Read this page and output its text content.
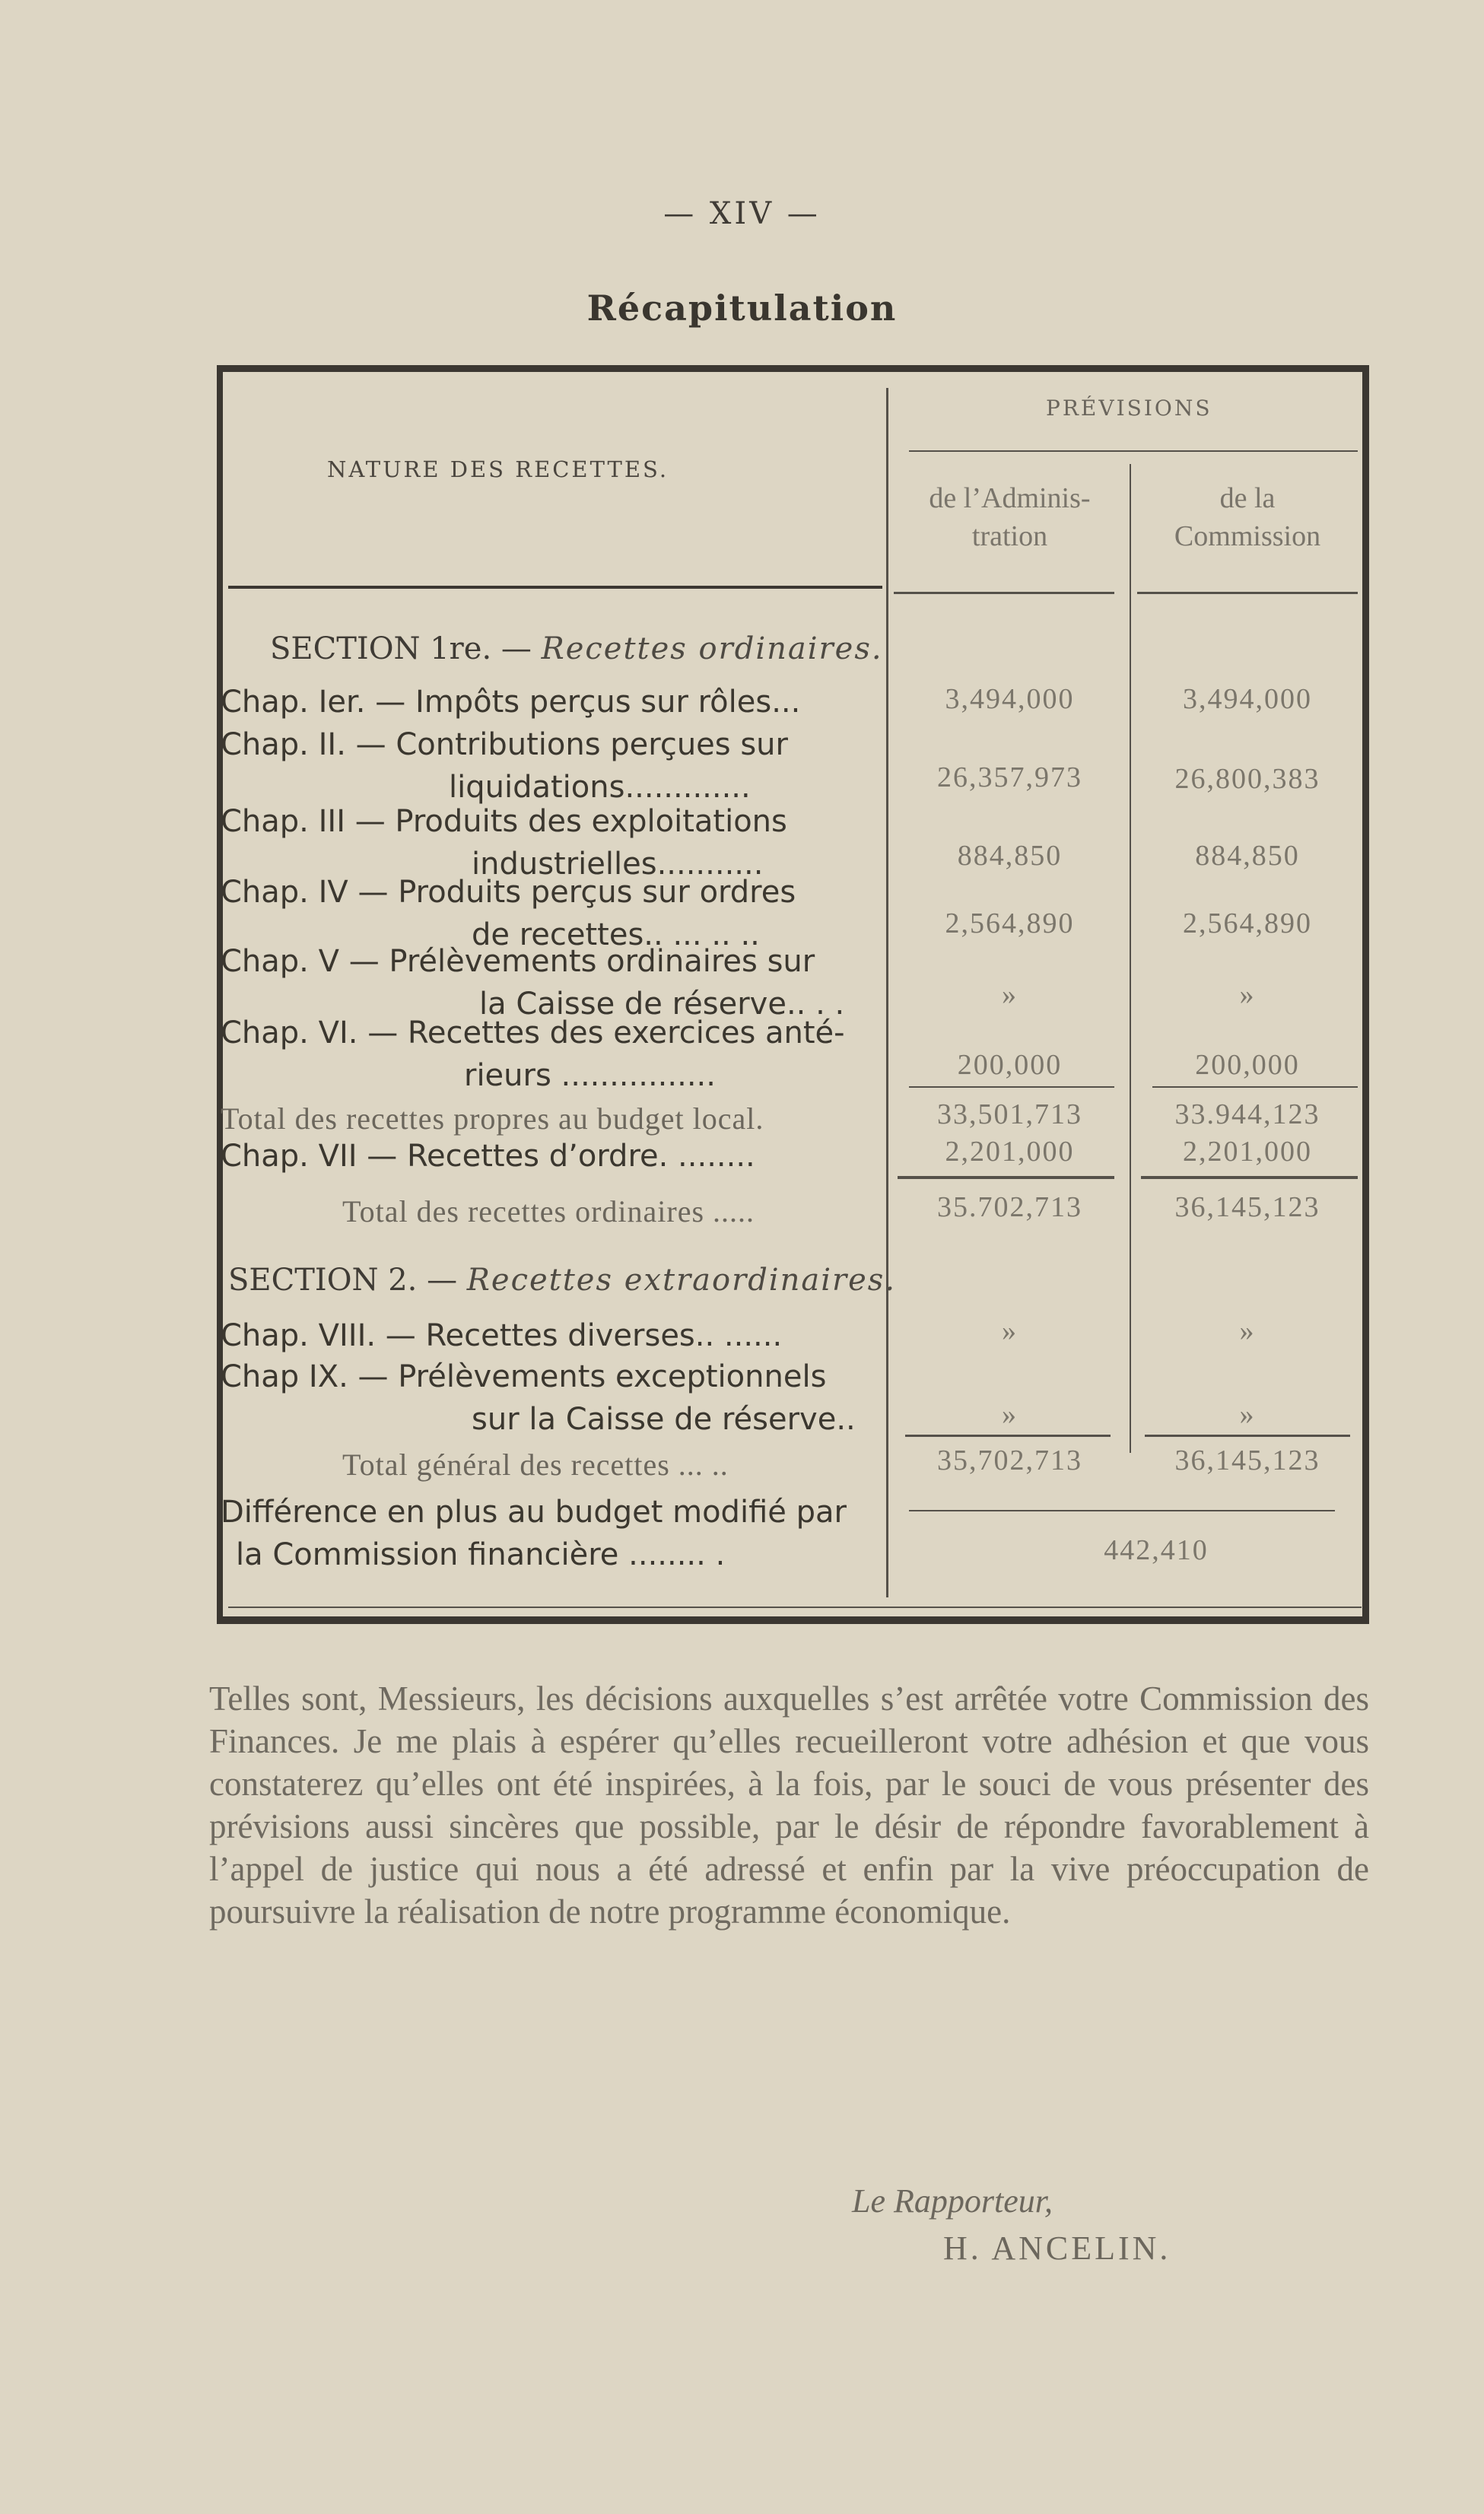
— XIV —
Récapitulation
NATURE DES RECETTES.
PRÉVISIONS
de l’Adminis-
tration
de la
Commission
SECTION 1re. — Recettes ordinaires.
Chap. Ier. — Impôts perçus sur rôles...	3,494,000	3,494,000
Chap. II. — Contributions perçues sur
liquidations.............	26,357,973	26,800,383
Chap. III — Produits des exploitations
industrielles...........	884,850	884,850
Chap. IV — Produits perçus sur ordres
de recettes.. ... .. ..	2,564,890	2,564,890
Chap. V — Prélèvements ordinaires sur
la Caisse de réserve.. . .	»	»
Chap. VI. — Recettes des exercices anté-
rieurs ................	200,000	200,000
Total des recettes propres au budget local.	33,501,713	33.944,123
Chap. VII — Recettes d’ordre. ........	2,201,000	2,201,000
Total des recettes ordinaires .....	35.702,713	36,145,123
SECTION 2. — Recettes extraordinaires.
Chap. VIII. — Recettes diverses.. ......	»	»
Chap IX. — Prélèvements exceptionnels
sur la Caisse de réserve..	»	»
Total général des recettes ... ..	35,702,713	36,145,123
Différence en plus au budget modifié par
la Commission financière ........ .	442,410
Telles sont, Messieurs, les décisions auxquelles s’est arrêtée votre Commission des Finances. Je me plais à espérer qu’elles recueilleront votre adhésion et que vous constaterez qu’elles ont été inspirées, à la fois, par le souci de vous présenter des prévisions aussi sincères que possible, par le désir de répondre favorablement à l’appel de justice qui nous a été adressé et enfin par la vive préoccupation de poursuivre la réalisation de notre programme économique.
Le Rapporteur,
H. ANCELIN.
